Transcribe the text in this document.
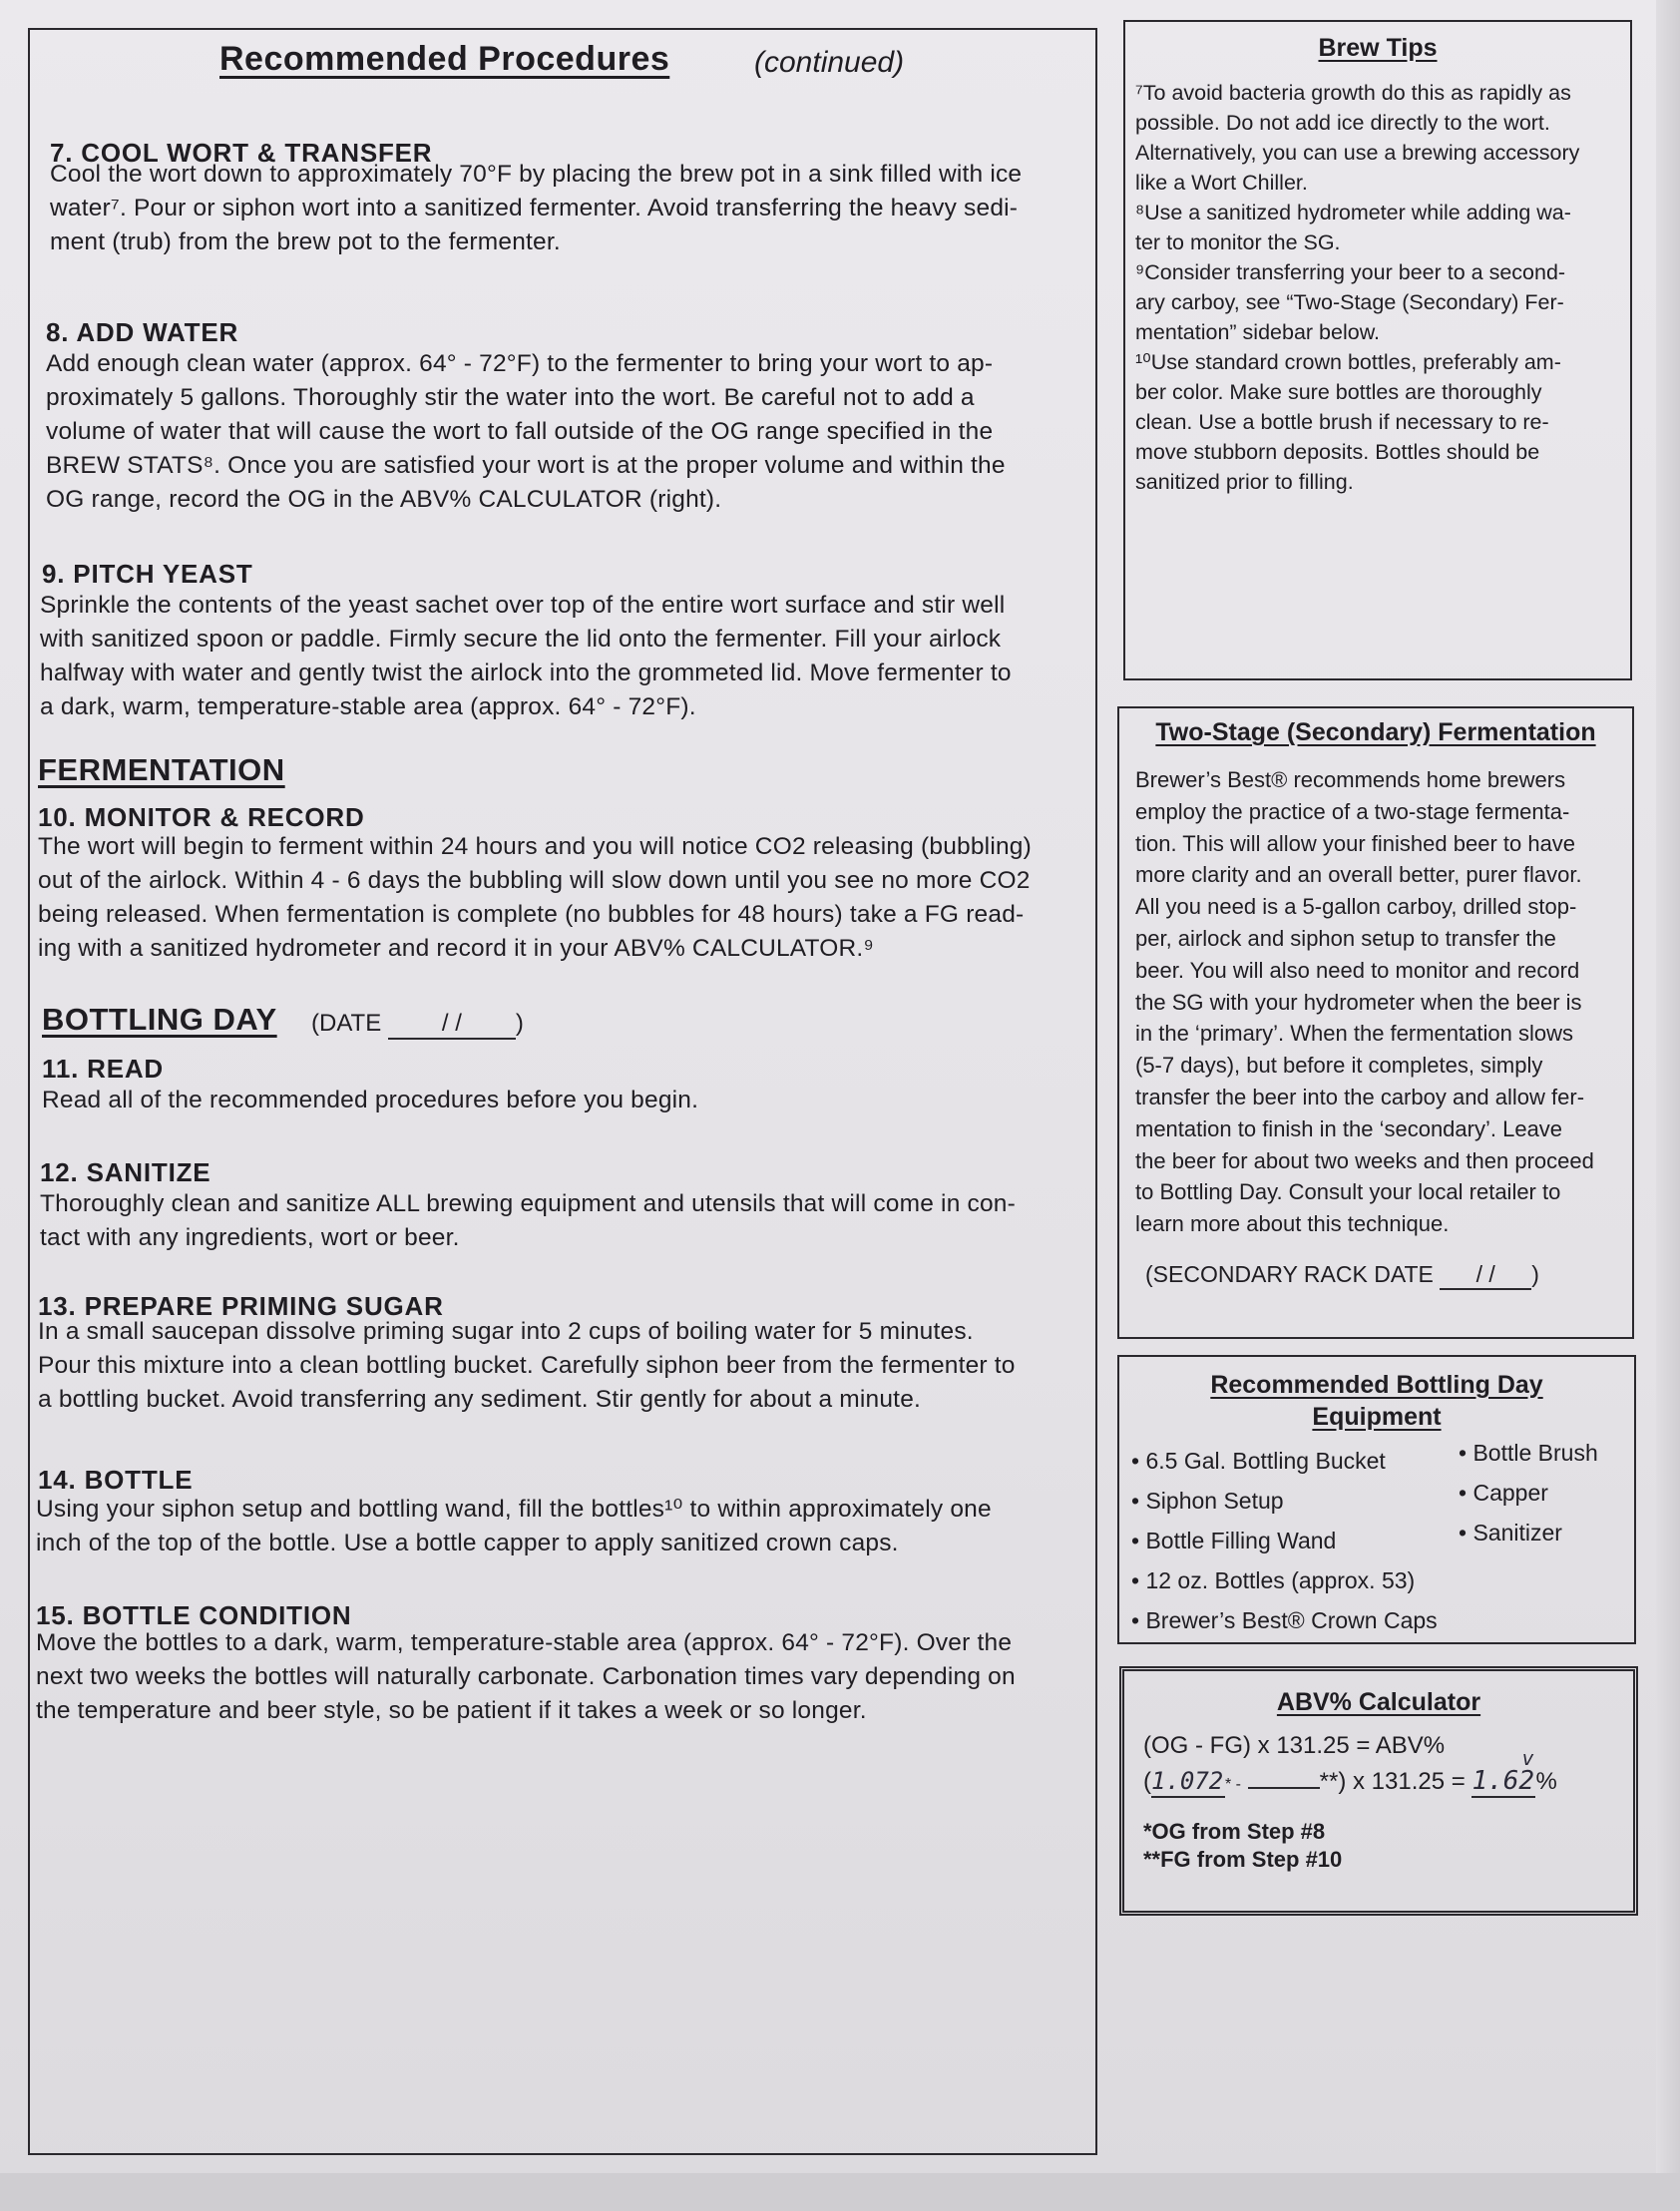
Recommended Procedures	(continued)
7. COOL WORT & TRANSFER
Cool the wort down to approximately 70°F by placing the brew pot in a sink filled with ice
water⁷. Pour or siphon wort into a sanitized fermenter. Avoid transferring the heavy sedi-
ment (trub) from the brew pot to the fermenter.
8. ADD WATER
Add enough clean water (approx. 64° - 72°F) to the fermenter to bring your wort to ap-
proximately 5 gallons. Thoroughly stir the water into the wort. Be careful not to add a
volume of water that will cause the wort to fall outside of the OG range specified in the
BREW STATS⁸. Once you are satisfied your wort is at the proper volume and within the
OG range, record the OG in the ABV% CALCULATOR (right).
9. PITCH YEAST
Sprinkle the contents of the yeast sachet over top of the entire wort surface and stir well
with sanitized spoon or paddle. Firmly secure the lid onto the fermenter. Fill your airlock
halfway with water and gently twist the airlock into the grommeted lid. Move fermenter to
a dark, warm, temperature-stable area (approx. 64° - 72°F).
FERMENTATION
10. MONITOR & RECORD
The wort will begin to ferment within 24 hours and you will notice CO2 releasing (bubbling)
out of the airlock. Within 4 - 6 days the bubbling will slow down until you see no more CO2
being released. When fermentation is complete (no bubbles for 48 hours) take a FG read-
ing with a sanitized hydrometer and record it in your ABV% CALCULATOR.⁹
BOTTLING DAY (DATE	/ / )
11. READ
Read all of the recommended procedures before you begin.
12. SANITIZE
Thoroughly clean and sanitize ALL brewing equipment and utensils that will come in con-
tact with any ingredients, wort or beer.
13. PREPARE PRIMING SUGAR
In a small saucepan dissolve priming sugar into 2 cups of boiling water for 5 minutes.
Pour this mixture into a clean bottling bucket. Carefully siphon beer from the fermenter to
a bottling bucket. Avoid transferring any sediment. Stir gently for about a minute.
14. BOTTLE
Using your siphon setup and bottling wand, fill the bottles¹⁰ to within approximately one
inch of the top of the bottle. Use a bottle capper to apply sanitized crown caps.
15. BOTTLE CONDITION
Move the bottles to a dark, warm, temperature-stable area (approx. 64° - 72°F). Over the
next two weeks the bottles will naturally carbonate. Carbonation times vary depending on
the temperature and beer style, so be patient if it takes a week or so longer.
Brew Tips
⁷To avoid bacteria growth do this as rapidly as
possible. Do not add ice directly to the wort.
Alternatively, you can use a brewing accessory
like a Wort Chiller.
⁸Use a sanitized hydrometer while adding wa-
ter to monitor the SG.
⁹Consider transferring your beer to a second-
ary carboy, see “Two-Stage (Secondary) Fer-
mentation” sidebar below.
¹⁰Use standard crown bottles, preferably am-
ber color. Make sure bottles are thoroughly
clean. Use a bottle brush if necessary to re-
move stubborn deposits. Bottles should be
sanitized prior to filling.
Two-Stage (Secondary) Fermentation
Brewer’s Best® recommends home brewers
employ the practice of a two-stage fermenta-
tion. This will allow your finished beer to have
more clarity and an overall better, purer flavor.
All you need is a 5-gallon carboy, drilled stop-
per, airlock and siphon setup to transfer the
beer. You will also need to monitor and record
the SG with your hydrometer when the beer is
in the ‘primary’. When the fermentation slows
(5-7 days), but before it completes, simply
transfer the beer into the carboy and allow fer-
mentation to finish in the ‘secondary’. Leave
the beer for about two weeks and then proceed
to Bottling Day. Consult your local retailer to
learn more about this technique.
(SECONDARY RACK DATE / / )
Recommended Bottling Day
Equipment
• 6.5 Gal. Bottling Bucket
• Siphon Setup
• Bottle Filling Wand
• 12 oz. Bottles (approx. 53)
• Brewer’s Best® Crown Caps
• Bottle Brush
• Capper
• Sanitizer
ABV% Calculator
(OG - FG) x 131.25 = ABV%
(1.072 * -	**) x 131.25 = 1.62
v
%
*OG from Step #8
**FG from Step #10
